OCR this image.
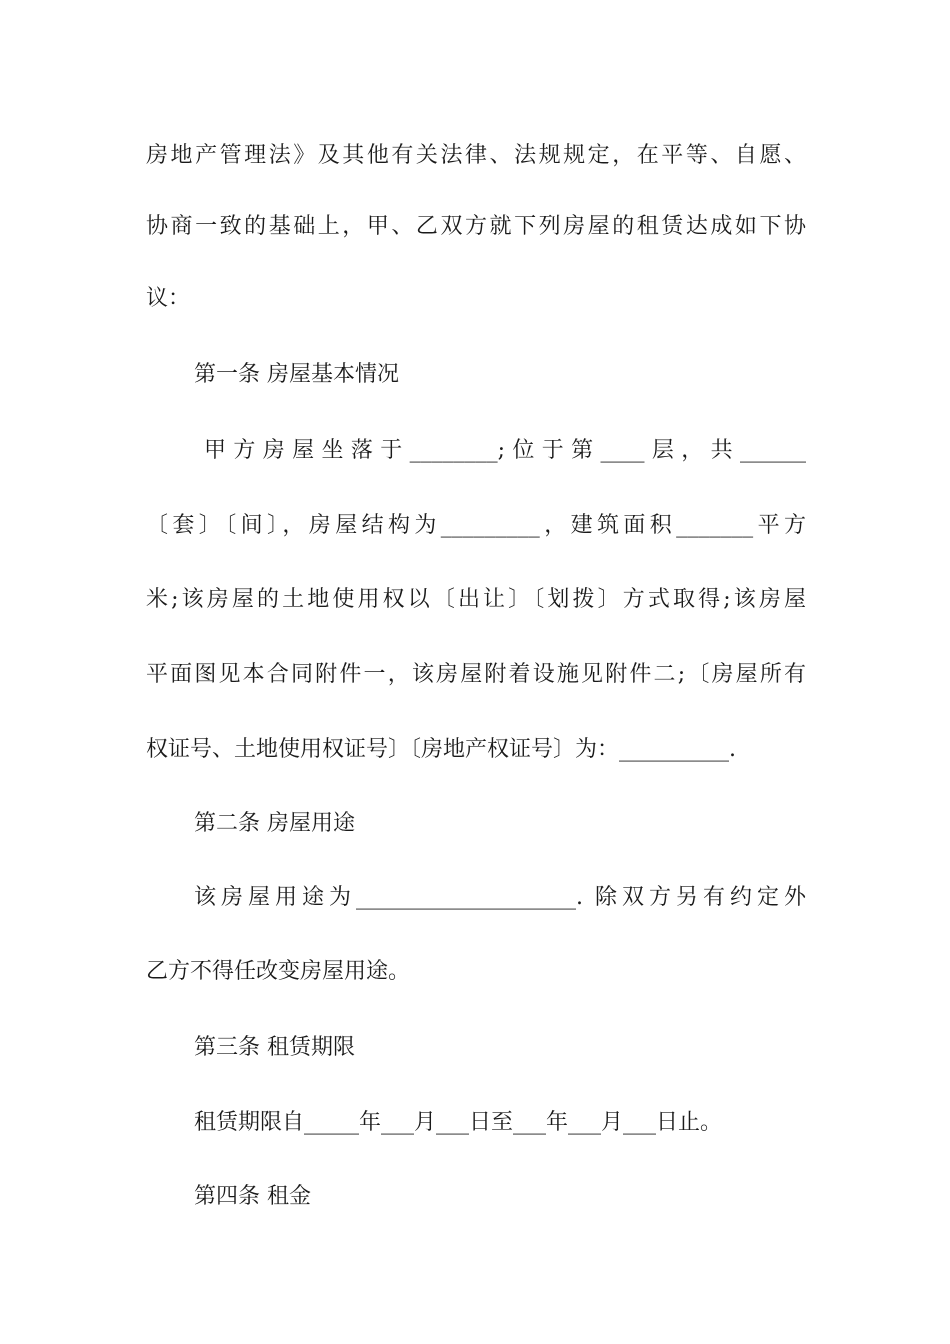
房地产管理法》及其他有关法律、法规规定，在平等、自愿、
协商一致的基础上，甲、乙双方就下列房屋的租赁达成如下协
议：
第一条 房屋基本情况
甲方房屋坐落于________;位于第____层，共______
〔套〕〔间〕，房屋结构为_________，建筑面积_______平方
米;该房屋的土地使用权以〔出让〕〔划拨〕方式取得;该房屋
平面图见本合同附件一，该房屋附着设施见附件二;〔房屋所有
权证号、土地使用权证号〕〔房地产权证号〕为：__________.
第二条 房屋用途
该房屋用途为____________________. 除双方另有约定外
乙方不得任改变房屋用途。
第三条 租赁期限
租赁期限自_____年___月___日至___年___月___日止。
第四条 租金
